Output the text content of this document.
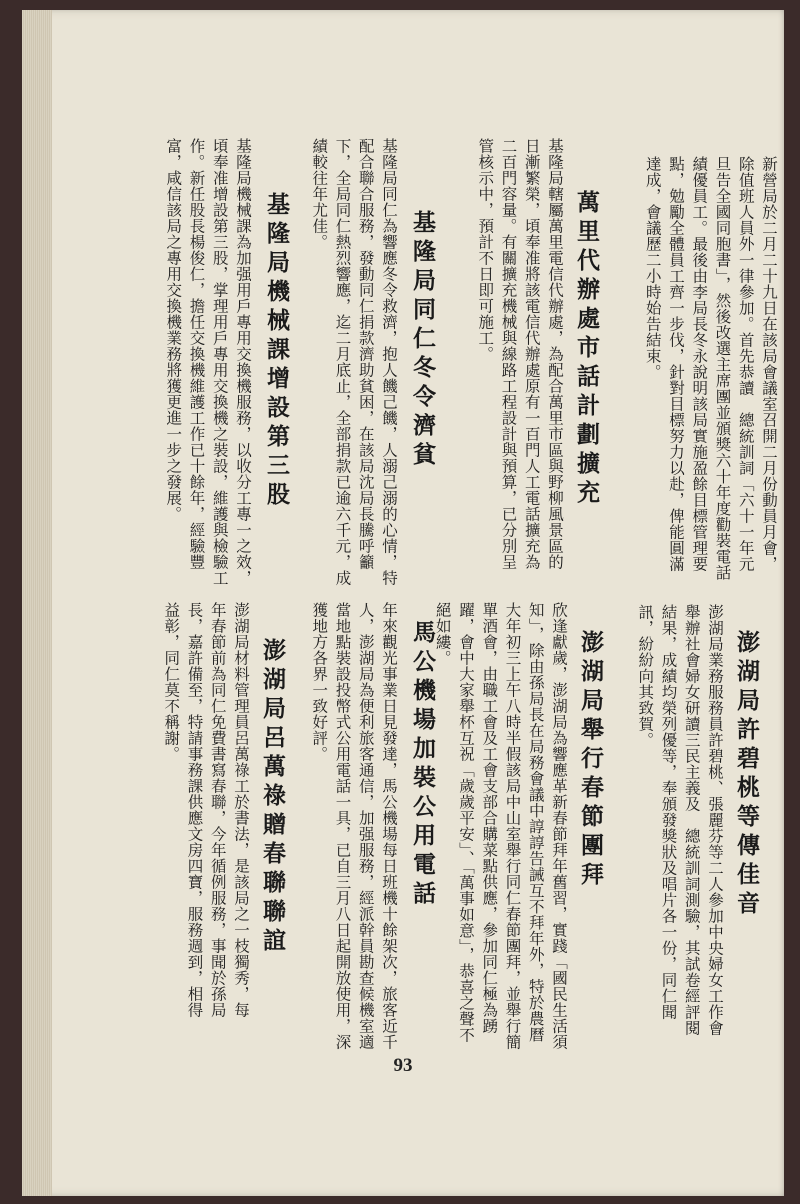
新營局於二月二十九日在該局會議室召開二月份動員月會，除值班人員外一律參加。首先恭讀　總統訓詞「六十一年元旦告全國同胞書」，然後改選主席團並頒獎六十年度勸裝電話績優員工。最後由李局長冬永說明該局實施盈餘目標管理要點，勉勵全體員工齊一步伐，針對目標努力以赴，俾能圓滿達成，會議歷二小時始告結束。
萬里代辦處市話計劃擴充
基隆局轄屬萬里電信代辦處，為配合萬里市區與野柳風景區的日漸繁榮，頃奉准將該電信代辦處原有一百門人工電話擴充為二百門容量。有關擴充機械與線路工程設計與預算，已分別呈管核示中，預計不日即可施工。
基隆局同仁冬令濟貧
基隆局同仁為響應冬令救濟，抱人饑己饑，人溺己溺的心情，特配合聯合服務，發動同仁捐款濟助貧困，在該局沈局長騰呼籲下，全局同仁熱烈響應，迄二月底止，全部捐款已逾六千元，成績較往年尤佳。
基隆局機械課增設第三股
基隆局機械課為加强用戶專用交換機服務，以收分工專一之效，頃奉准增設第三股，掌理用戶專用交換機之裝設，維護與檢驗工作。新任股長楊俊仁，擔任交換機維護工作已十餘年，經驗豐富，咸信該局之專用交換機業務將獲更進一步之發展。
澎湖局許碧桃等傳佳音
澎湖局業務服務員許碧桃、張麗芬等二人參加中央婦女工作會舉辦社會婦女研讀三民主義及　總統訓詞測驗，其試卷經評閱結果，成績均榮列優等，奉頒發獎狀及唱片各一份，同仁聞訊，紛紛向其致賀。
澎湖局舉行春節團拜
欣逢獻歲，澎湖局為響應革新春節拜年舊習，實踐「國民生活須知」，除由孫局長在局務會議中諄諄告誡互不拜年外，特於農曆大年初三上午八時半假該局中山室舉行同仁春節團拜，並舉行簡單酒會，由職工會及工會支部合購菜點供應，參加同仁極為踴躍，會中大家舉杯互祝「歲歲平安」、「萬事如意」，恭喜之聲不絕如縷。
馬公機場加裝公用電話
年來觀光事業日見發達，馬公機場每日班機十餘架次，旅客近千人，澎湖局為便利旅客通信，加强服務，經派幹員勘查候機室適當地點裝設投幣式公用電話一具，已自三月八日起開放使用，深獲地方各界一致好評。
澎湖局呂萬祿贈春聯聯誼
澎湖局材料管理員呂萬祿工於書法，是該局之一枝獨秀，每年春節前為同仁免費書寫春聯，今年循例服務，事聞於孫局長，嘉許備至，特請事務課供應文房四寶，服務週到，相得益彰，同仁莫不稱謝。
93
